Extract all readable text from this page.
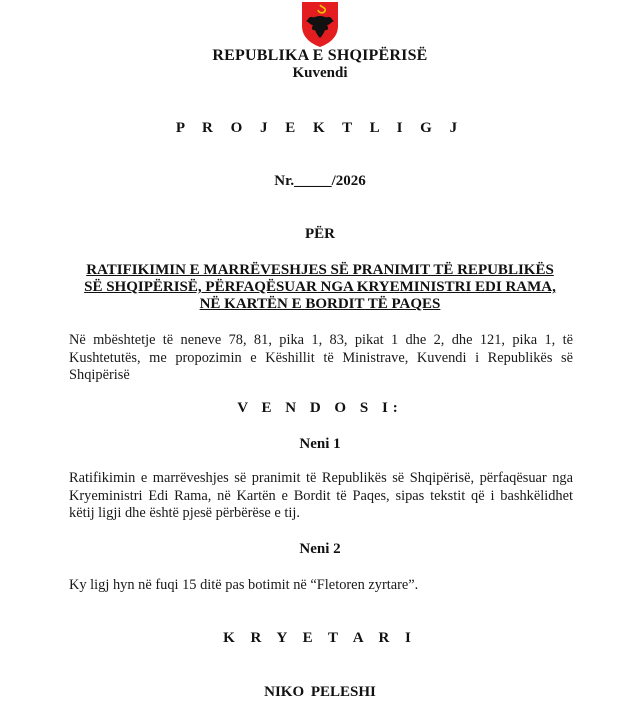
REPUBLIKA E SHQIPËRISË
Kuvendi
P R O J E K T L I G J
Nr._____/2026
PËR
RATIFIKIMIN E MARRËVESHJES SË PRANIMIT TË REPUBLIKËS
SË SHQIPËRISË, PËRFAQËSUAR NGA KRYEMINISTRI EDI RAMA,
NË KARTËN E BORDIT TË PAQES
Në mbështetje të neneve 78, 81, pika 1, 83, pikat 1 dhe 2, dhe 121, pika 1, të Kushtetutës, me propozimin e Këshillit të Ministrave, Kuvendi i Republikës së Shqipërisë
V E N D O S I:
Neni 1
Ratifikimin e marrëveshjes së pranimit të Republikës së Shqipërisë, përfaqësuar nga Kryeministri Edi Rama, në Kartën e Bordit të Paqes, sipas tekstit që i bashkëlidhet këtij ligji dhe është pjesë përbërëse e tij.
Neni 2
Ky ligj hyn në fuqi 15 ditë pas botimit në “Fletoren zyrtare”.
K R Y E T A R I
NIKO PELESHI
